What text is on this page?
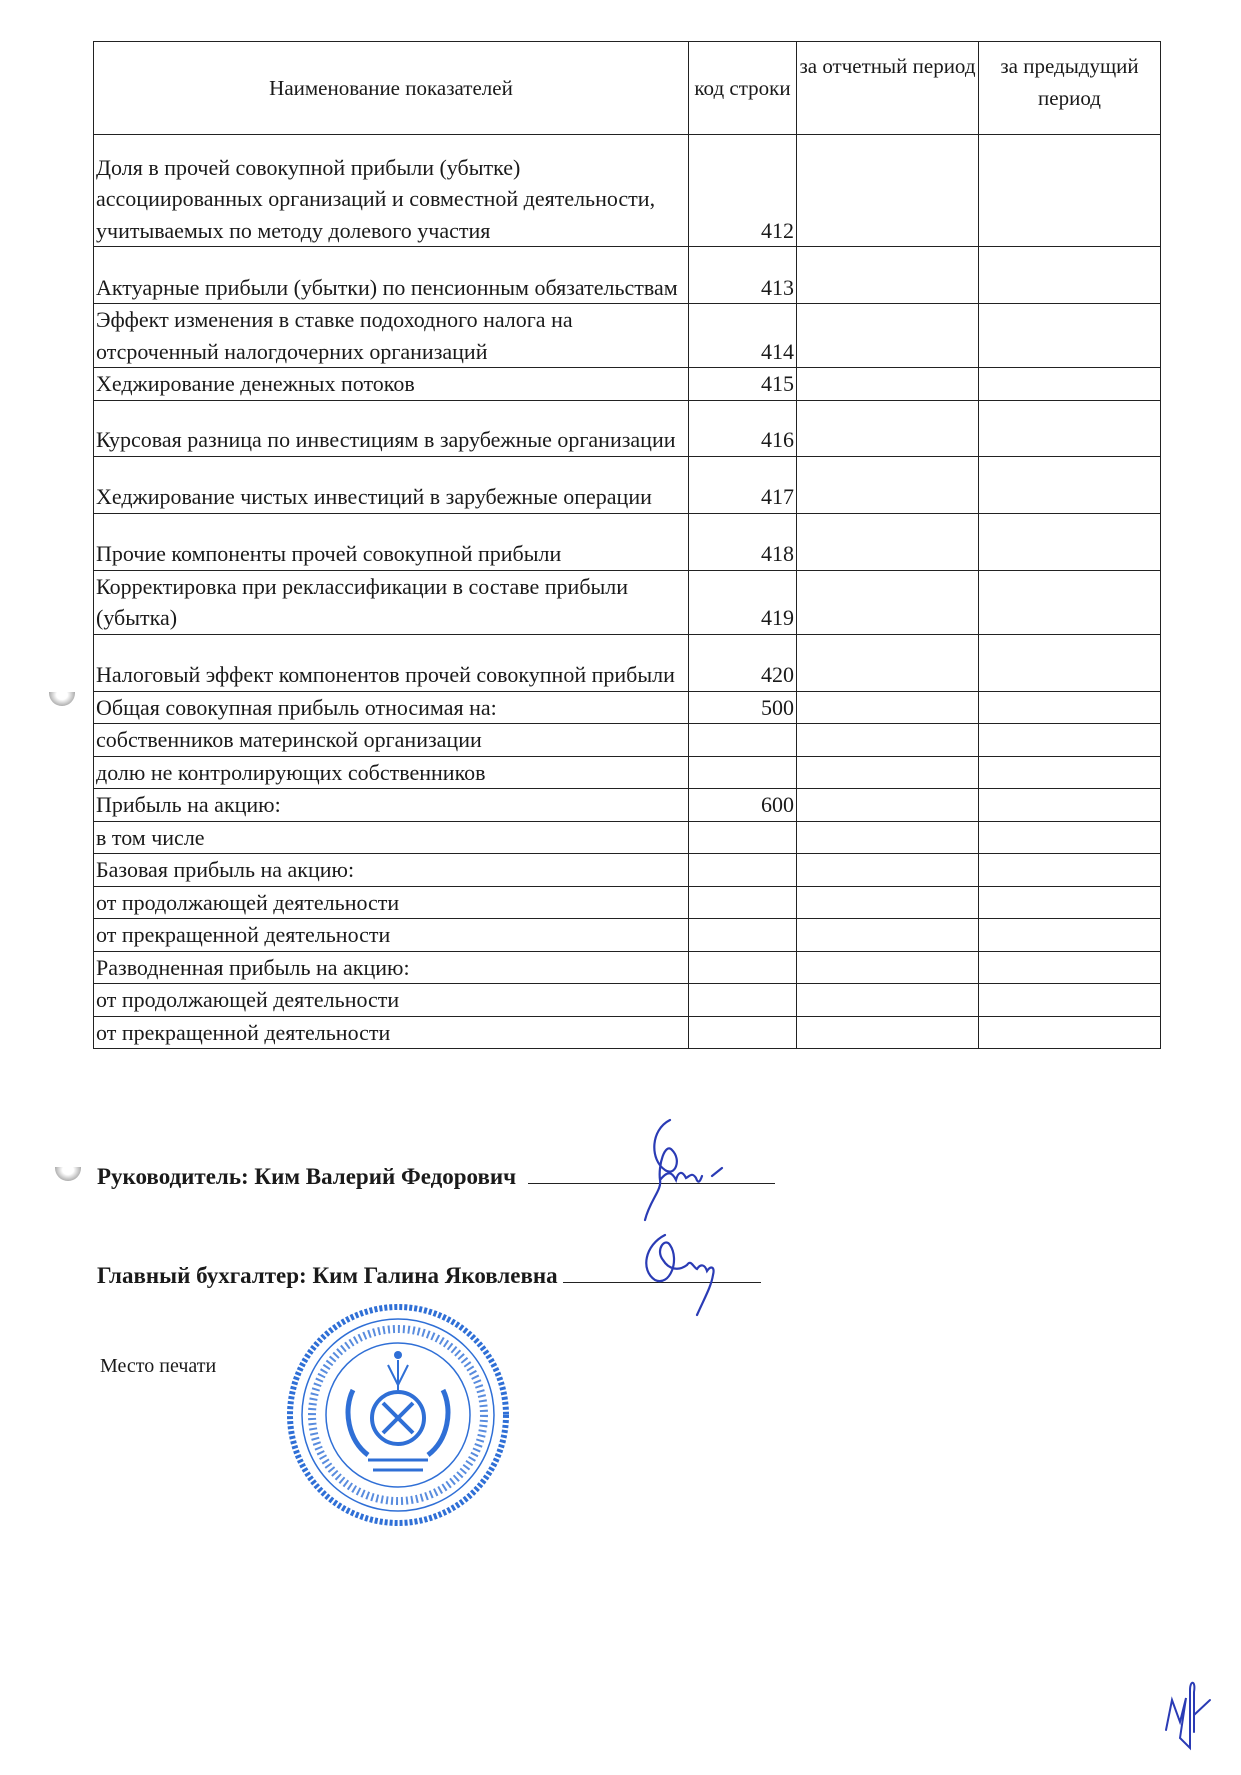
Наименование показателей	код строки	за отчетный период	за предыдущий период
Доля в прочей совокупной прибыли (убытке) ассоциированных организаций и совместной деятельности, учитываемых по методу долевого участия	412		
Актуарные прибыли (убытки) по пенсионным обязательствам	413		
Эффект изменения в ставке подоходного налога на отсроченный налогдочерних организаций	414		
Хеджирование денежных потоков	415		
Курсовая разница по инвестициям в зарубежные организации	416		
Хеджирование чистых инвестиций в зарубежные операции	417		
Прочие компоненты прочей совокупной прибыли	418		
Корректировка при реклассификации в составе прибыли (убытка)	419		
Налоговый эффект компонентов прочей совокупной прибыли	420		
Общая совокупная прибыль относимая на:	500		
собственников материнской организации			
долю не контролирующих собственников			
Прибыль на акцию:	600		
в том числе			
Базовая прибыль на акцию:			
от продолжающей деятельности			
от прекращенной деятельности			
Разводненная прибыль на акцию:			
от продолжающей деятельности			
от прекращенной деятельности			
Руководитель: Ким Валерий Федорович
Главный бухгалтер: Ким Галина Яковлевна
Место печати
